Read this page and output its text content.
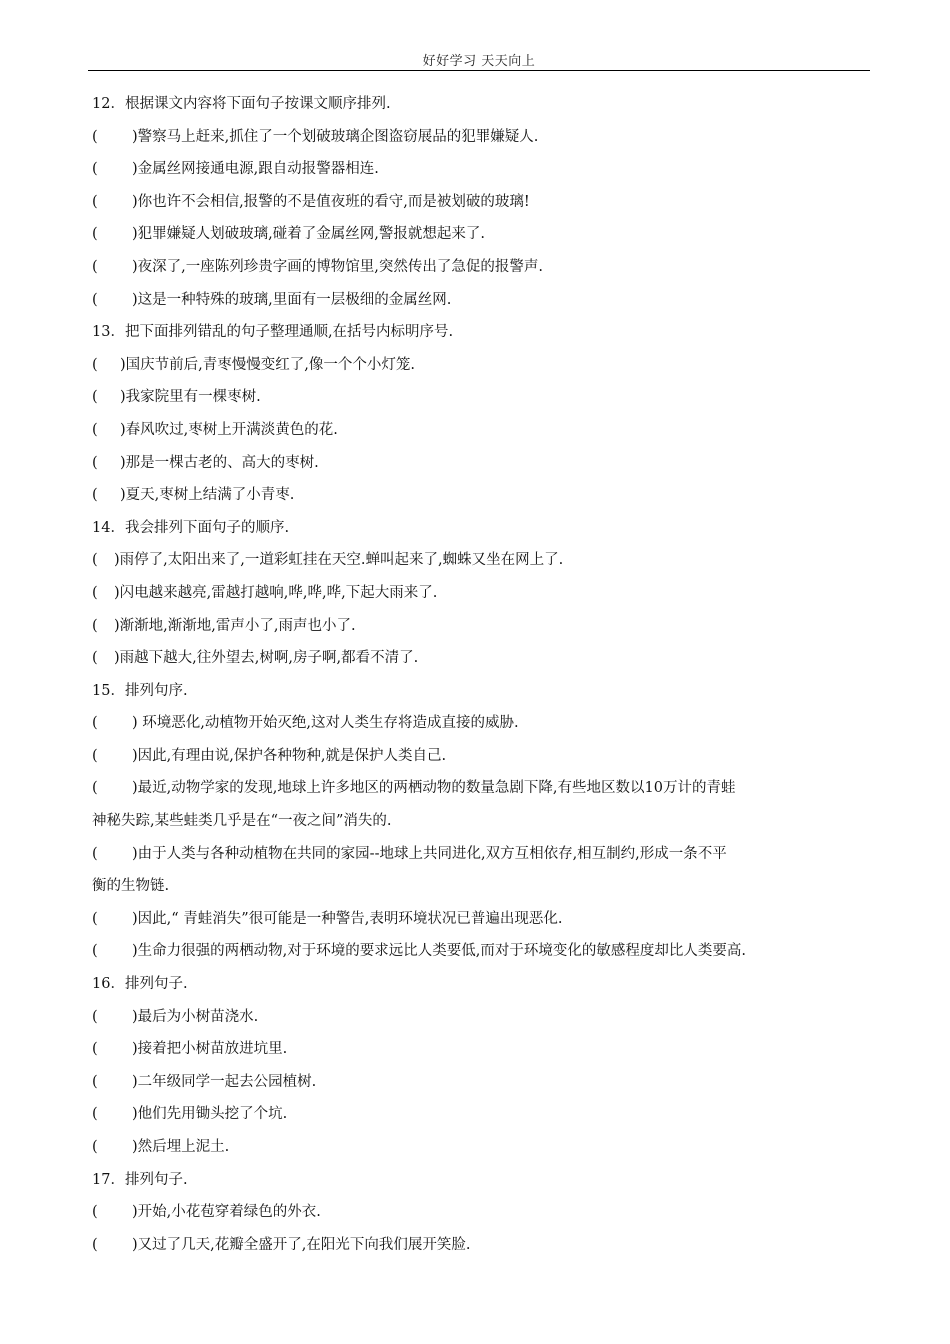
好好学习 天天向上
12．根据课文内容将下面句子按课文顺序排列.
( )警察马上赶来,抓住了一个划破玻璃企图盗窃展品的犯罪嫌疑人.
( )金属丝网接通电源,跟自动报警器相连.
( )你也许不会相信,报警的不是值夜班的看守,而是被划破的玻璃!
( )犯罪嫌疑人划破玻璃,碰着了金属丝网,警报就想起来了.
( )夜深了,一座陈列珍贵字画的博物馆里,突然传出了急促的报警声.
( )这是一种特殊的玻璃,里面有一层极细的金属丝网.
13．把下面排列错乱的句子整理通顺,在括号内标明序号.
( )国庆节前后,青枣慢慢变红了,像一个个小灯笼.
( )我家院里有一棵枣树.
( )春风吹过,枣树上开满淡黄色的花.
( )那是一棵古老的、高大的枣树.
( )夏天,枣树上结满了小青枣.
14．我会排列下面句子的顺序.
( )雨停了,太阳出来了,一道彩虹挂在天空.蝉叫起来了,蜘蛛又坐在网上了.
( )闪电越来越亮,雷越打越响,哗,哗,哗,下起大雨来了.
( )渐渐地,渐渐地,雷声小了,雨声也小了.
( )雨越下越大,往外望去,树啊,房子啊,都看不清了.
15．排列句序.
( ) 环境恶化,动植物开始灭绝,这对人类生存将造成直接的威胁.
( )因此,有理由说,保护各种物种,就是保护人类自己.
( )最近,动物学家的发现,地球上许多地区的两栖动物的数量急剧下降,有些地区数以10万计的青蛙
神秘失踪,某些蛙类几乎是在“一夜之间”消失的.
( )由于人类与各种动植物在共同的家园--地球上共同进化,双方互相依存,相互制约,形成一条不平
衡的生物链.
( )因此,“ 青蛙消失”很可能是一种警告,表明环境状况已普遍出现恶化.
( )生命力很强的两栖动物,对于环境的要求远比人类要低,而对于环境变化的敏感程度却比人类要高.
16．排列句子.
( )最后为小树苗浇水.
( )接着把小树苗放进坑里.
( )二年级同学一起去公园植树.
( )他们先用锄头挖了个坑.
( )然后埋上泥土.
17．排列句子.
( )开始,小花苞穿着绿色的外衣.
( )又过了几天,花瓣全盛开了,在阳光下向我们展开笑脸.
